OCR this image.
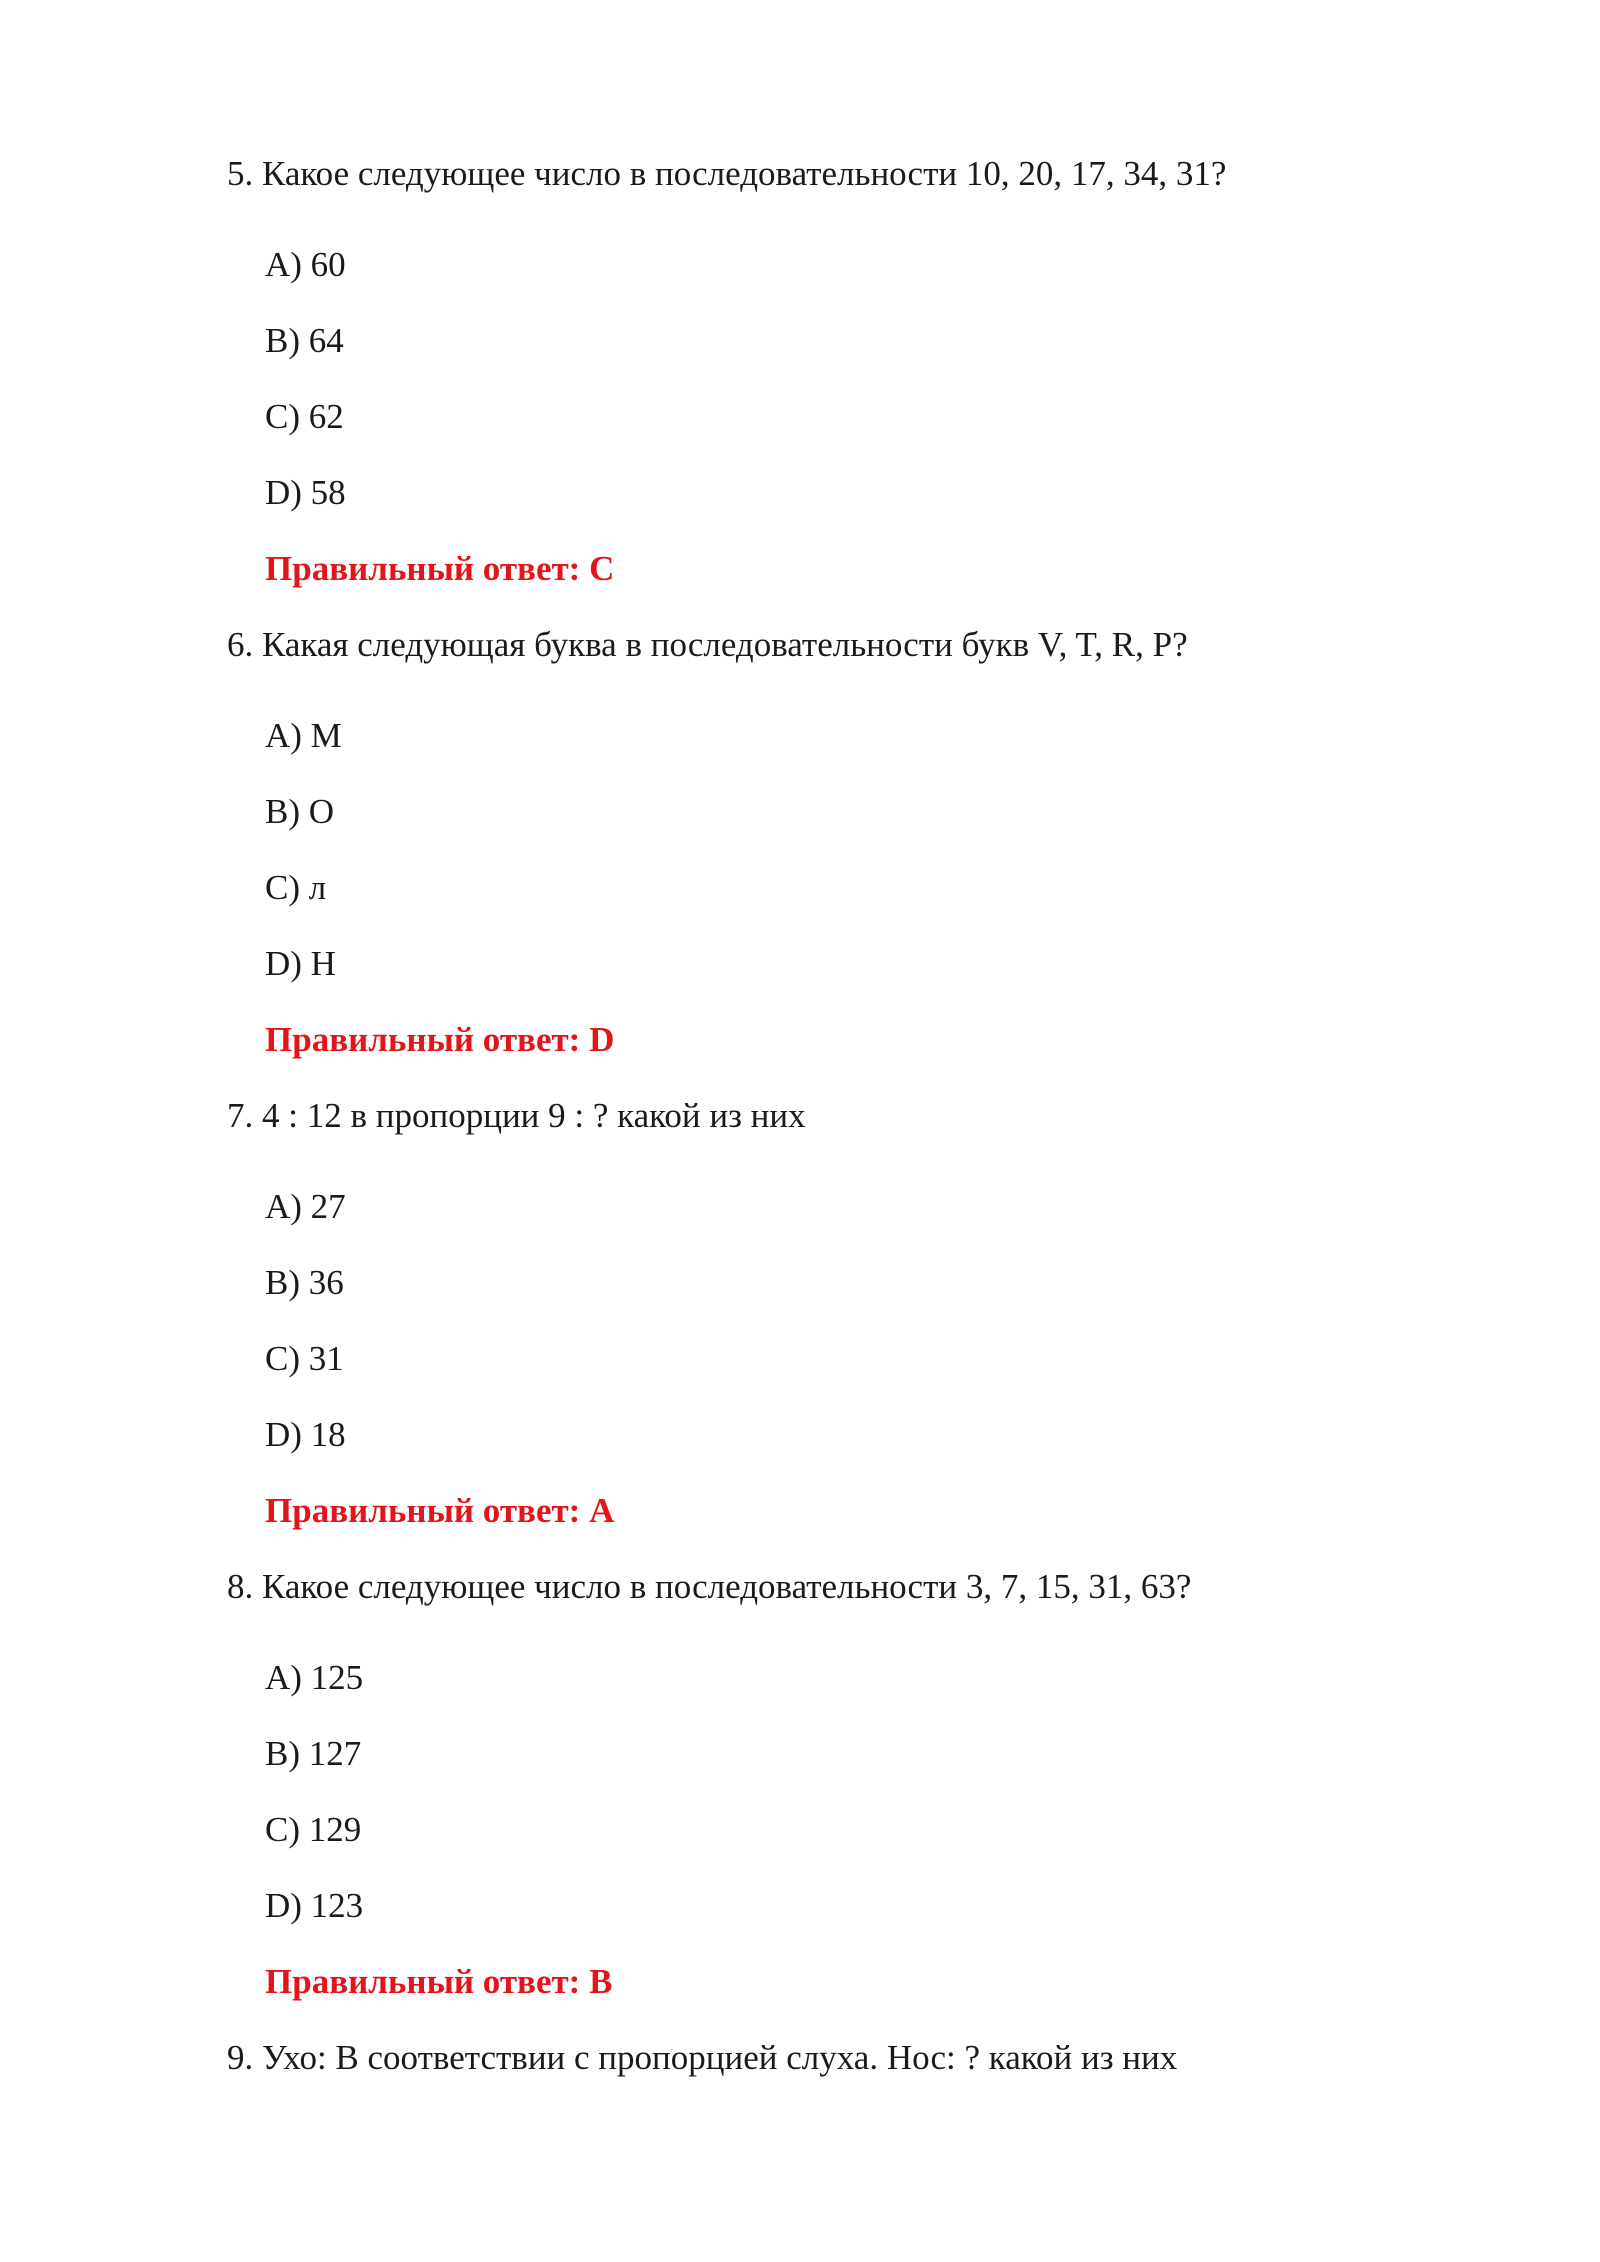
5. Какое следующее число в последовательности 10, 20, 17, 34, 31?
A) 60
B) 64
C) 62
D) 58
Правильный ответ: C
6. Какая следующая буква в последовательности букв V, T, R, P?
A) M
B) O
C) л
D) H
Правильный ответ: D
7. 4 : 12 в пропорции 9 : ? какой из них
A) 27
B) 36
C) 31
D) 18
Правильный ответ: A
8. Какое следующее число в последовательности 3, 7, 15, 31, 63?
A) 125
B) 127
C) 129
D) 123
Правильный ответ: B
9. Ухо: В соответствии с пропорцией слуха. Нос: ? какой из них
